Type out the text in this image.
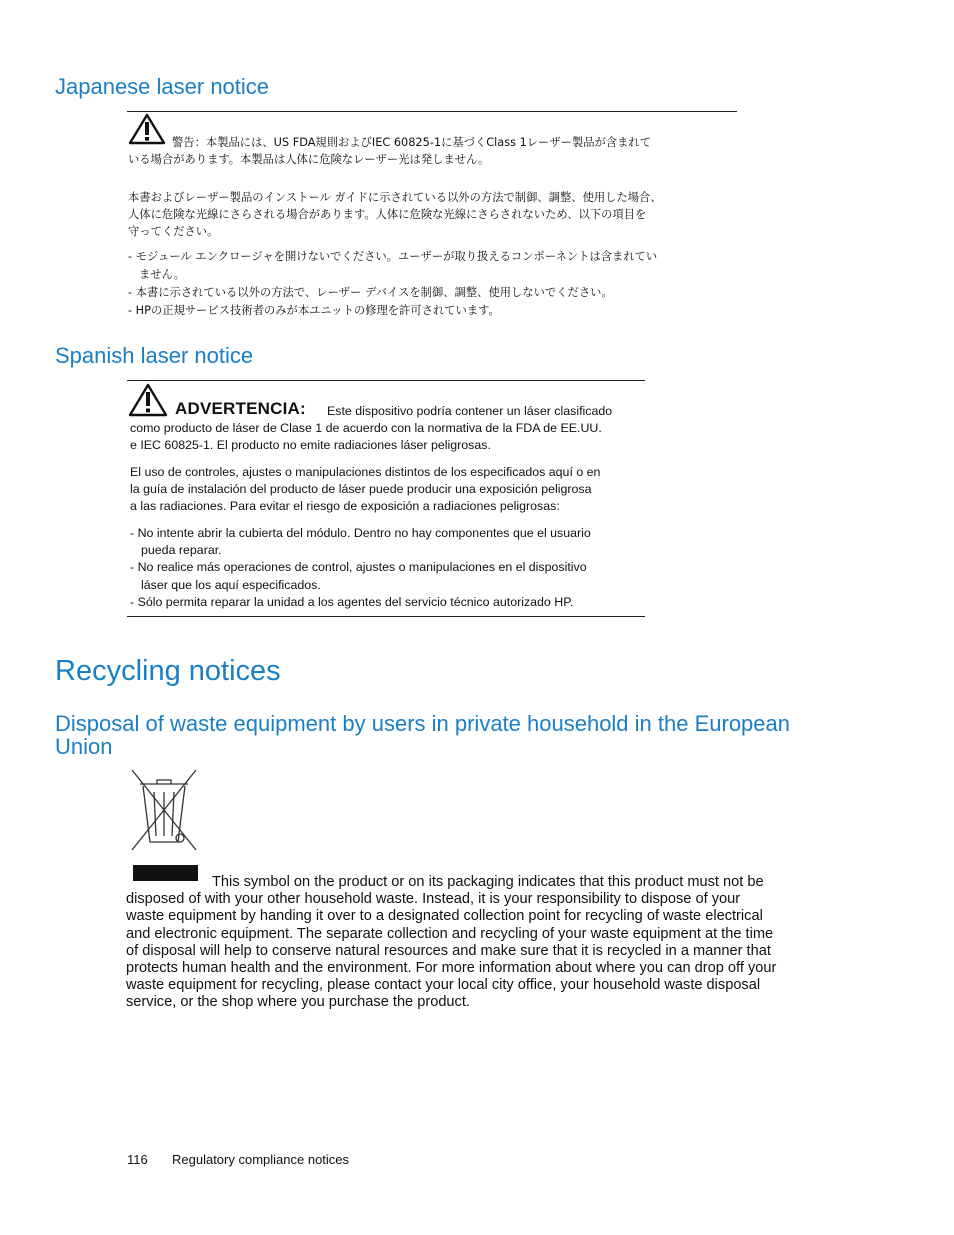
Japanese laser notice
警告：本製品には、US FDA規則およびIEC 60825-1に基づくClass 1レーザー製品が含まれて
いる場合があります。本製品は人体に危険なレーザー光は発しません。
本書およびレーザー製品のインストール ガイドに示されている以外の方法で制御、調整、使用した場合、
人体に危険な光線にさらされる場合があります。人体に危険な光線にさらされないため、以下の項目を
守ってください。
- モジュール エンクロージャを開けないでください。ユーザーが取り扱えるコンポーネントは含まれてい
ません。
- 本書に示されている以外の方法で、レーザー デバイスを制御、調整、使用しないでください。
- HPの正規サービス技術者のみが本ユニットの修理を許可されています。
Spanish laser notice
ADVERTENCIA: Este dispositivo podría contener un láser clasificado
como producto de láser de Clase 1 de acuerdo con la normativa de la FDA de EE.UU.
e IEC 60825-1. El producto no emite radiaciones láser peligrosas.
El uso de controles, ajustes o manipulaciones distintos de los especificados aquí o en
la guía de instalación del producto de láser puede producir una exposición peligrosa
a las radiaciones. Para evitar el riesgo de exposición a radiaciones peligrosas:
- No intente abrir la cubierta del módulo. Dentro no hay componentes que el usuario
pueda reparar.
- No realice más operaciones de control, ajustes o manipulaciones en el dispositivo
láser que los aquí especificados.
- Sólo permita reparar la unidad a los agentes del servicio técnico autorizado HP.
Recycling notices
Disposal of waste equipment by users in private household in the European Union
This symbol on the product or on its packaging indicates that this product must not be
disposed of with your other household waste. Instead, it is your responsibility to dispose of your
waste equipment by handing it over to a designated collection point for recycling of waste electrical
and electronic equipment. The separate collection and recycling of your waste equipment at the time
of disposal will help to conserve natural resources and make sure that it is recycled in a manner that
protects human health and the environment. For more information about where you can drop off your
waste equipment for recycling, please contact your local city office, your household waste disposal
service, or the shop where you purchase the product.
116 Regulatory compliance notices
